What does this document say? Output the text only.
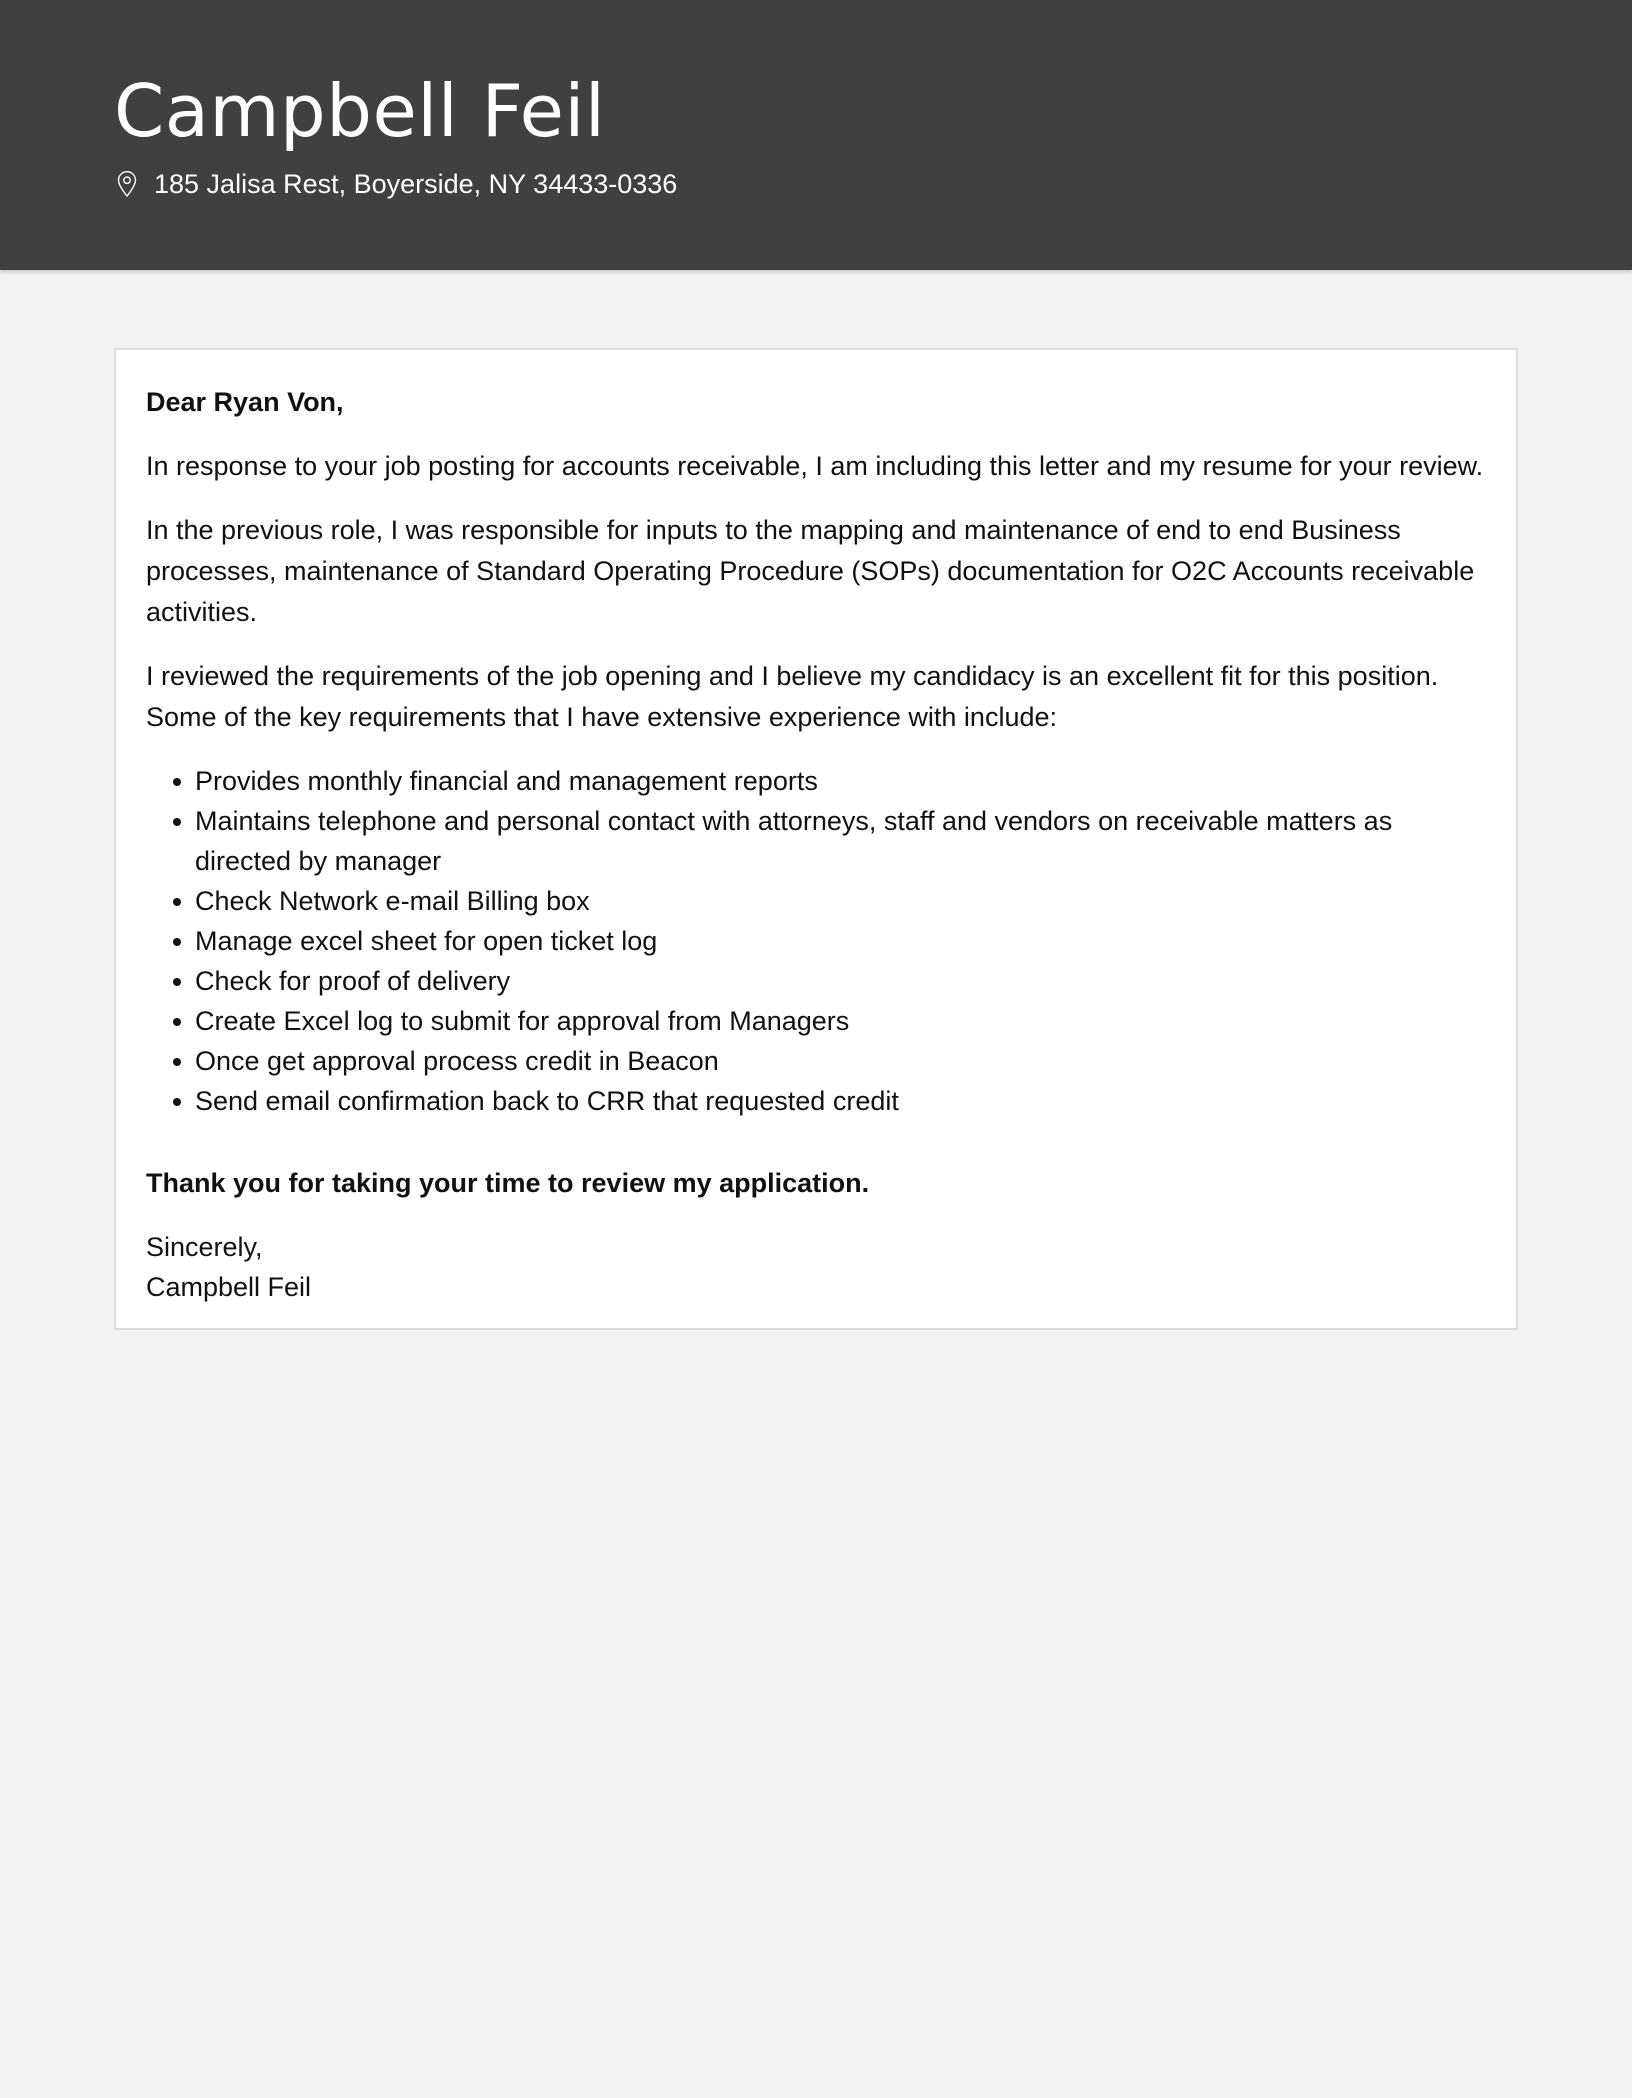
Campbell Feil
185 Jalisa Rest, Boyerside, NY 34433-0336

Dear Ryan Von,

In response to your job posting for accounts receivable, I am including this letter and my resume for your review.

In the previous role, I was responsible for inputs to the mapping and maintenance of end to end Business processes, maintenance of Standard Operating Procedure (SOPs) documentation for O2C Accounts receivable activities.

I reviewed the requirements of the job opening and I believe my candidacy is an excellent fit for this position. Some of the key requirements that I have extensive experience with include:

Provides monthly financial and management reports
Maintains telephone and personal contact with attorneys, staff and vendors on receivable matters as directed by manager
Check Network e-mail Billing box
Manage excel sheet for open ticket log
Check for proof of delivery
Create Excel log to submit for approval from Managers
Once get approval process credit in Beacon
Send email confirmation back to CRR that requested credit

Thank you for taking your time to review my application.

Sincerely,

Campbell Feil
